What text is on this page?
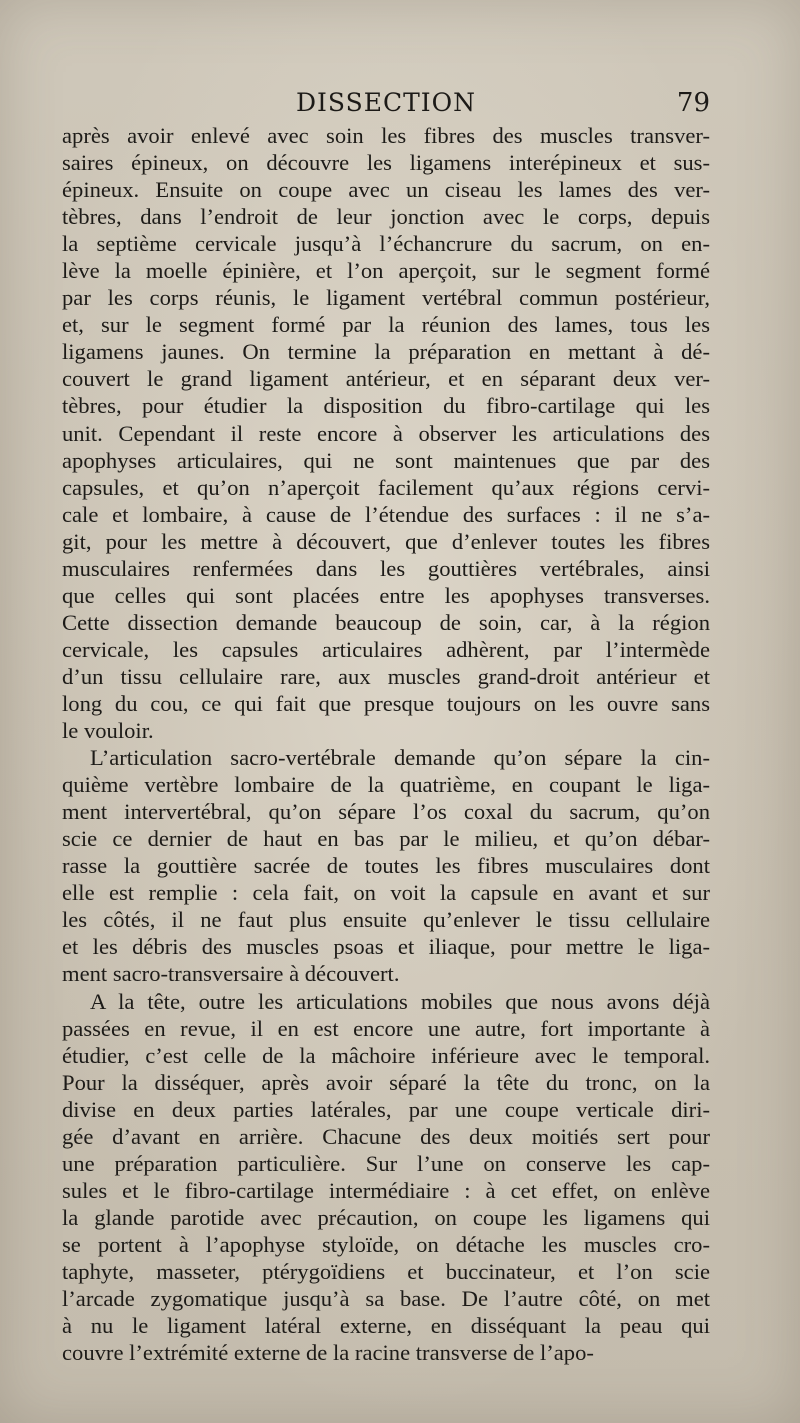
DISSECTION	79
après avoir enlevé avec soin les fibres des muscles transver-
saires épineux, on découvre les ligamens interépineux et sus-
épineux. Ensuite on coupe avec un ciseau les lames des ver-
tèbres, dans l’endroit de leur jonction avec le corps, depuis
la septième cervicale jusqu’à l’échancrure du sacrum, on en-
lève la moelle épinière, et l’on aperçoit, sur le segment formé
par les corps réunis, le ligament vertébral commun postérieur,
et, sur le segment formé par la réunion des lames, tous les
ligamens jaunes. On termine la préparation en mettant à dé-
couvert le grand ligament antérieur, et en séparant deux ver-
tèbres, pour étudier la disposition du fibro-cartilage qui les
unit. Cependant il reste encore à observer les articulations des
apophyses articulaires, qui ne sont maintenues que par des
capsules, et qu’on n’aperçoit facilement qu’aux régions cervi-
cale et lombaire, à cause de l’étendue des surfaces : il ne s’a-
git, pour les mettre à découvert, que d’enlever toutes les fibres
musculaires renfermées dans les gouttières vertébrales, ainsi
que celles qui sont placées entre les apophyses transverses.
Cette dissection demande beaucoup de soin, car, à la région
cervicale, les capsules articulaires adhèrent, par l’intermède
d’un tissu cellulaire rare, aux muscles grand-droit antérieur et
long du cou, ce qui fait que presque toujours on les ouvre sans
le vouloir.
L’articulation sacro-vertébrale demande qu’on sépare la cin-
quième vertèbre lombaire de la quatrième, en coupant le liga-
ment intervertébral, qu’on sépare l’os coxal du sacrum, qu’on
scie ce dernier de haut en bas par le milieu, et qu’on débar-
rasse la gouttière sacrée de toutes les fibres musculaires dont
elle est remplie : cela fait, on voit la capsule en avant et sur
les côtés, il ne faut plus ensuite qu’enlever le tissu cellulaire
et les débris des muscles psoas et iliaque, pour mettre le liga-
ment sacro-transversaire à découvert.
A la tête, outre les articulations mobiles que nous avons déjà
passées en revue, il en est encore une autre, fort importante à
étudier, c’est celle de la mâchoire inférieure avec le temporal.
Pour la disséquer, après avoir séparé la tête du tronc, on la
divise en deux parties latérales, par une coupe verticale diri-
gée d’avant en arrière. Chacune des deux moitiés sert pour
une préparation particulière. Sur l’une on conserve les cap-
sules et le fibro-cartilage intermédiaire : à cet effet, on enlève
la glande parotide avec précaution, on coupe les ligamens qui
se portent à l’apophyse styloïde, on détache les muscles cro-
taphyte, masseter, ptérygoïdiens et buccinateur, et l’on scie
l’arcade zygomatique jusqu’à sa base. De l’autre côté, on met
à nu le ligament latéral externe, en disséquant la peau qui
couvre l’extrémité externe de la racine transverse de l’apo-
